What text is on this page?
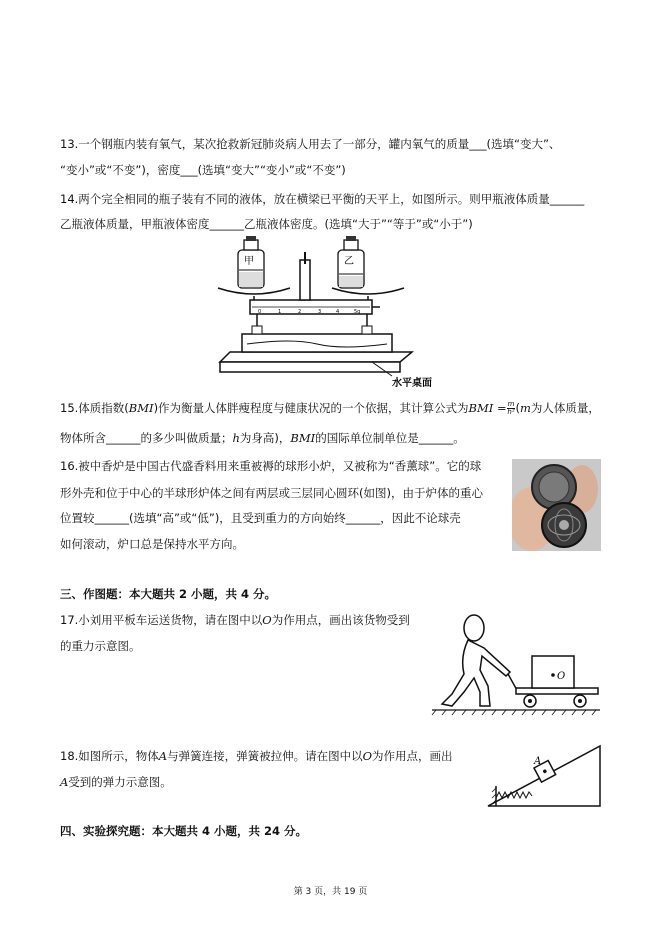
13.一个钢瓶内装有氧气，某次抢救新冠肺炎病人用去了一部分，罐内氧气的质量___(选填“变大”、
“变小”或“不变”)，密度___(选填“变大”“变小”或“不变”)
14.两个完全相同的瓶子装有不同的液体，放在横梁已平衡的天平上，如图所示。则甲瓶液体质量______
乙瓶液体质量，甲瓶液体密度______乙瓶液体密度。(选填“大于”“等于”或“小于”)
甲	乙
0	1	2	3	4	5g
水平桌面
15.体质指数(BMI)作为衡量人体胖瘦程度与健康状况的一个依据，其计算公式为BMI = $\frac{m}{\text{h²}} (m$为人体质量，
物体所含______的多少叫做质量；h为身高)，BMI的国际单位制单位是______。
16.被中香炉是中国古代盛香料用来重被褥的球形小炉，又被称为“香薰球”。它的球
形外壳和位于中心的半球形炉体之间有两层或三层同心圆环(如图)，由于炉体的重心
位置较______(选填“高”或“低”)，且受到重力的方向始终______，因此不论球壳
如何滚动，炉口总是保持水平方向。
三、作图题：本大题共 2 小题，共 4 分。
17.小刘用平板车运送货物，请在图中以O为作用点，画出该货物受到
的重力示意图。
O
18.如图所示，物体A与弹簧连接，弹簧被拉伸。请在图中以O为作用点，画出
A受到的弹力示意图。
A
四、实验探究题：本大题共 4 小题，共 24 分。
第 3 页，共 19 页
